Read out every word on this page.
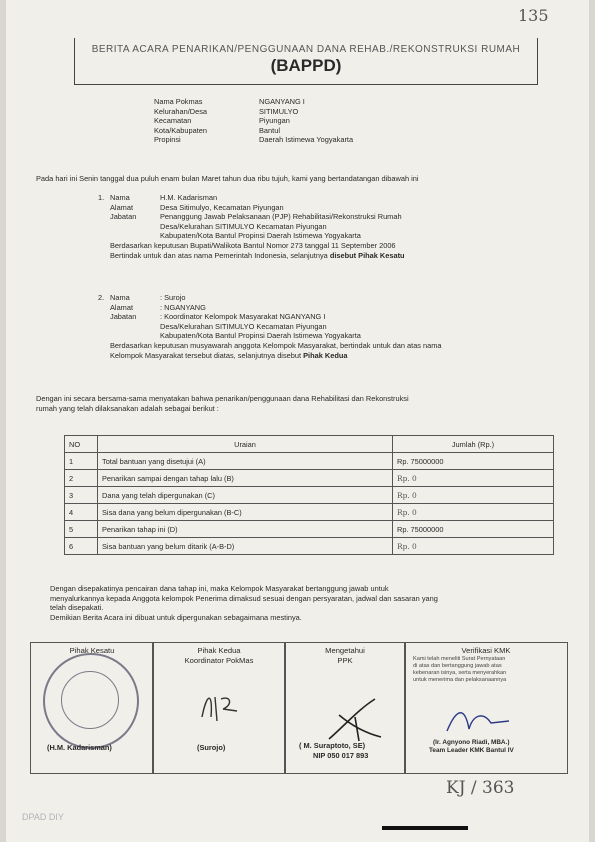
135
BERITA ACARA PENARIKAN/PENGGUNAAN DANA REHAB./REKONSTRUKSI RUMAH
(BAPPD)
Nama Pokmas	NGANYANG I
Kelurahan/Desa	SITIMULYO
Kecamatan	Piyungan
Kota/Kabupaten	Bantul
Propinsi	Daerah Istimewa Yogyakarta
Pada hari ini Senin tanggal dua puluh enam bulan Maret tahun dua ribu tujuh, kami yang bertandatangan dibawah ini
1. Nama	H.M. Kadarisman
Alamat	Desa Sitimulyo, Kecamatan Piyungan
Jabatan	Penanggung Jawab Pelaksanaan (PJP) Rehabilitasi/Rekonstruksi Rumah
Desa/Kelurahan SITIMULYO Kecamatan Piyungan
Kabupaten/Kota Bantul Propinsi Daerah Istimewa Yogyakarta
Berdasarkan keputusan Bupati/Walikota Bantul Nomor 273 tanggal 11 September 2006
Bertindak untuk dan atas nama Pemerintah Indonesia, selanjutnya disebut Pihak Kesatu
2. Nama	: Surojo
Alamat	: NGANYANG
Jabatan	: Koordinator Kelompok Masyarakat NGANYANG I
Desa/Kelurahan SITIMULYO Kecamatan Piyungan
Kabupaten/Kota Bantul Propinsi Daerah Istimewa Yogyakarta
Berdasarkan keputusan musyawarah anggota Kelompok Masyarakat, bertindak untuk dan atas nama
Kelompok Masyarakat tersebut diatas, selanjutnya disebut Pihak Kedua
Dengan ini secara bersama-sama menyatakan bahwa penarikan/penggunaan dana Rehabilitasi dan Rekonstruksi
rumah yang telah dilaksanakan adalah sebagai berikut :
NO	Uraian	Jumlah (Rp.)
1	Total bantuan yang disetujui (A)	Rp. 75000000
2	Penarikan sampai dengan tahap lalu (B)	Rp. 0
3	Dana yang telah dipergunakan (C)	Rp. 0
4	Sisa dana yang belum dipergunakan (B-C)	Rp. 0
5	Penarikan tahap ini (D)	Rp. 75000000
6	Sisa bantuan yang belum ditarik (A-B-D)	Rp. 0
Dengan disepakatinya pencairan dana tahap ini, maka Kelompok Masyarakat bertanggung jawab untuk
menyalurkannya kepada Anggota kelompok Penerima dimaksud sesuai dengan persyaratan, jadwal dan sasaran yang
telah disepakati.
Demikian Berita Acara ini dibuat untuk dipergunakan sebagaimana mestinya.
Pihak Kesatu
(H.M. Kadarisman)
Pihak Kedua
Koordinator PokMas
(Surojo)
Mengetahui
PPK
( M. Suraptoto, SE)
NIP 050 017 893
Verifikasi KMK
Kami telah meneliti Surat Pernyataan
di atas dan bertanggung jawab atas
kebenaran isinya, serta menyerahkan
untuk menerima dan pelaksanaannya
(Ir. Agnyono Riadi, MBA.)
Team Leader KMK Bantul IV
KJ / 363
DPAD DIY
